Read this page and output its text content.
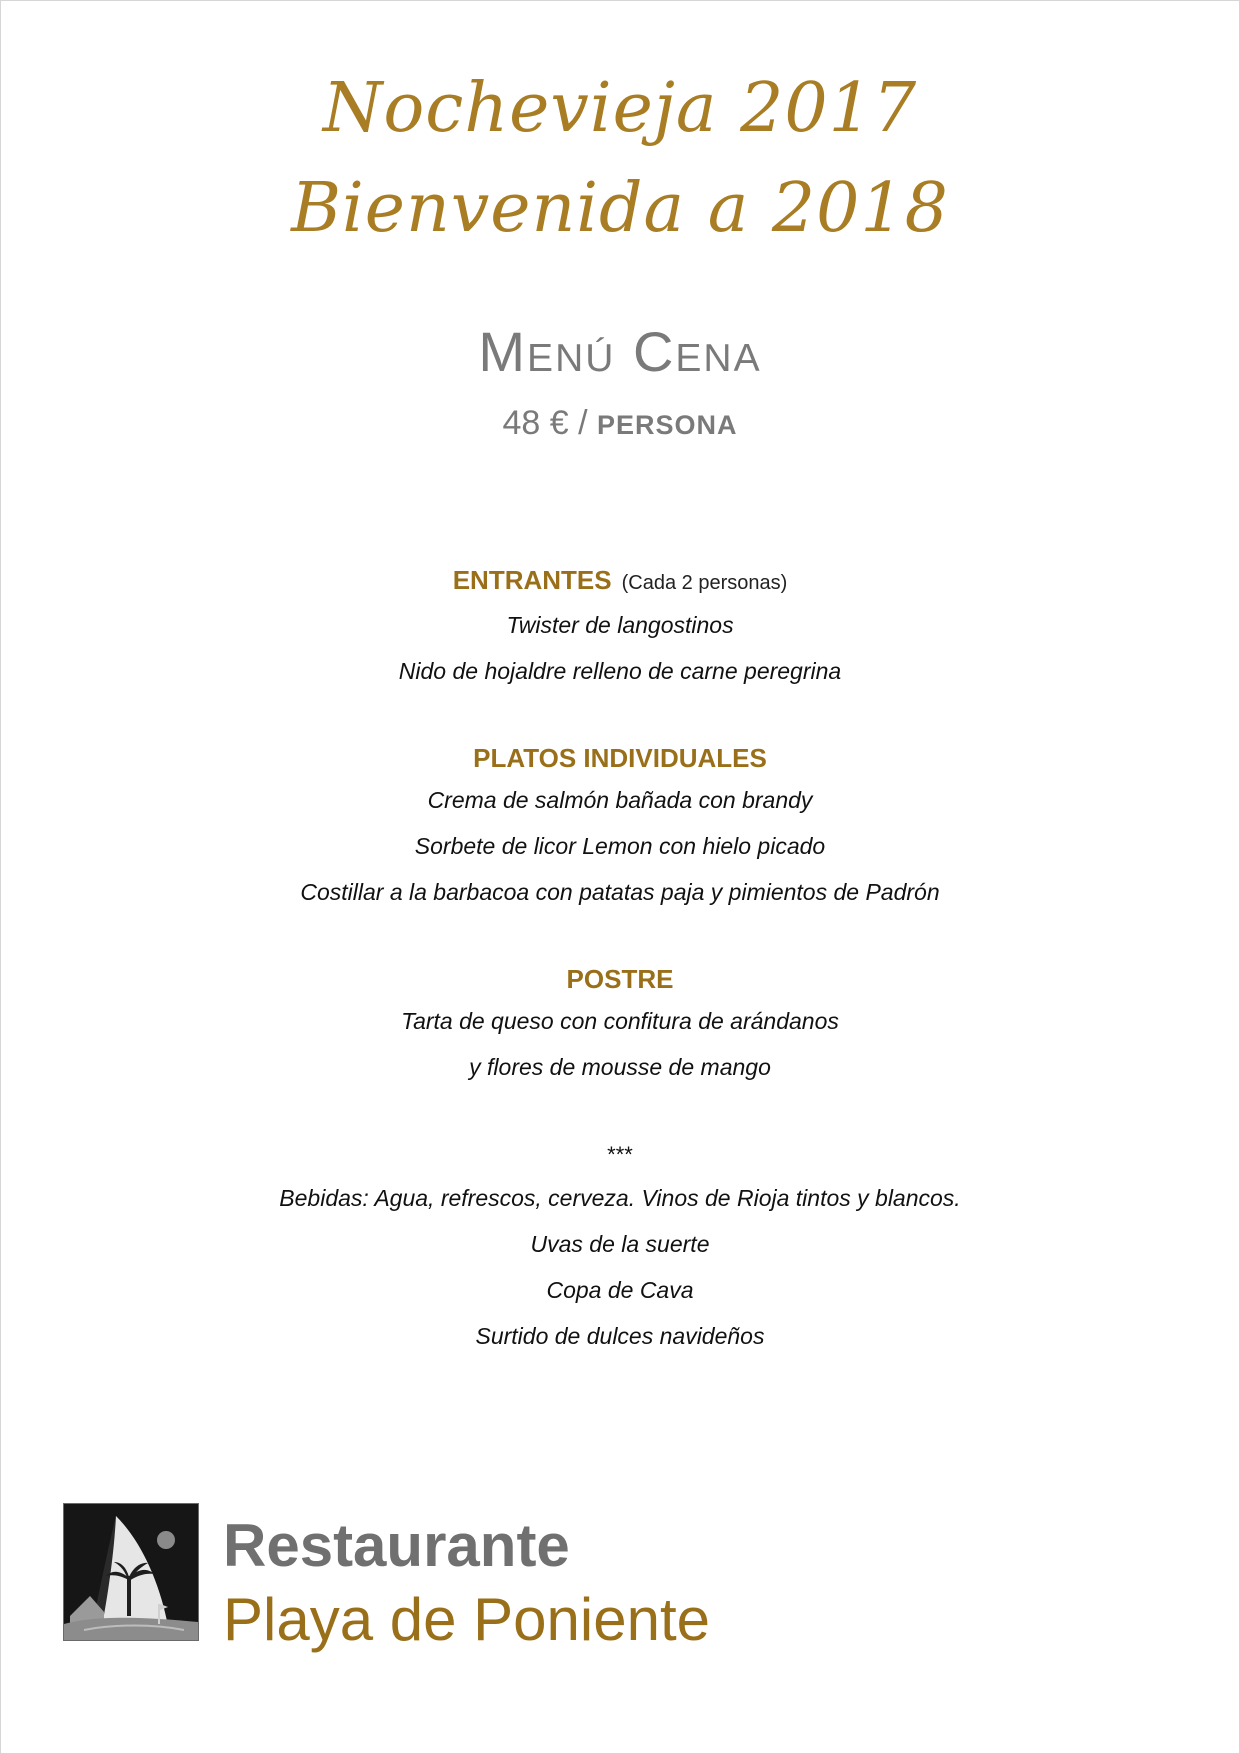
Nochevieja 2017
Bienvenida a 2018
Menú Cena
48 € / PERSONA

ENTRANTES (Cada 2 personas)

Twister de langostinos

Nido de hojaldre relleno de carne peregrina

PLATOS INDIVIDUALES

Crema de salmón bañada con brandy

Sorbete de licor Lemon con hielo picado

Costillar a la barbacoa con patatas paja y pimientos de Padrón

POSTRE

Tarta de queso con confitura de arándanos

y flores de mousse de mango

***

Bebidas: Agua, refrescos, cerveza. Vinos de Rioja tintos y blancos.

Uvas de la suerte

Copa de Cava

Surtido de dulces navideños

Restaurante
Playa de Poniente
